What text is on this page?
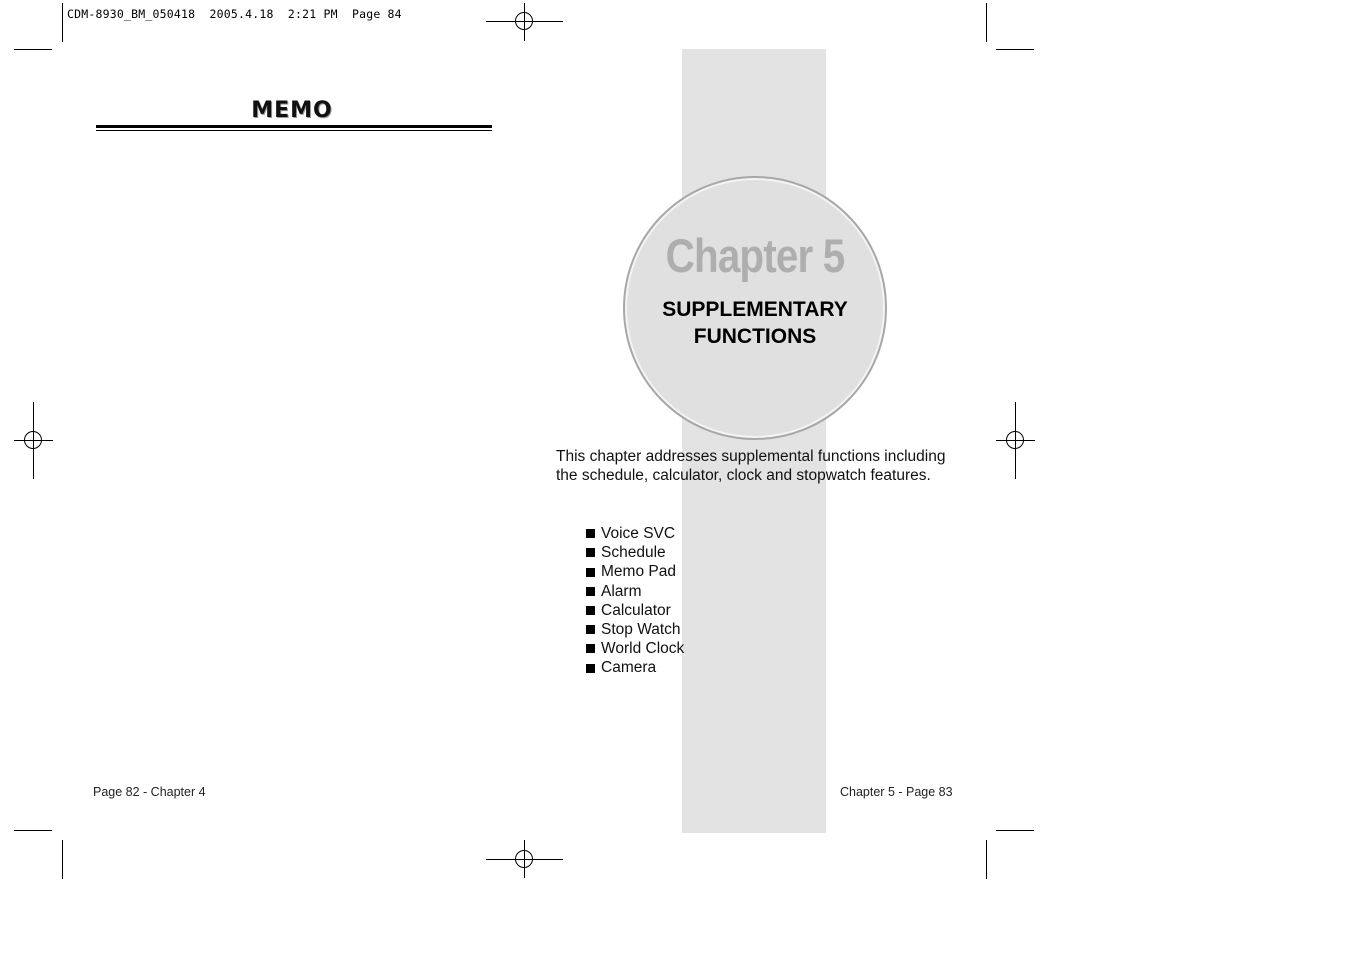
CDM-8930_BM_050418  2005.4.18  2:21 PM  Page 84
MEMO
Page 82 - Chapter 4
Chapter 5
SUPPLEMENTARY
FUNCTIONS
This chapter addresses supplemental functions including the schedule, calculator, clock and stopwatch features.
Voice SVC
Schedule
Memo Pad
Alarm
Calculator
Stop Watch
World Clock
Camera
Chapter 5 - Page 83
